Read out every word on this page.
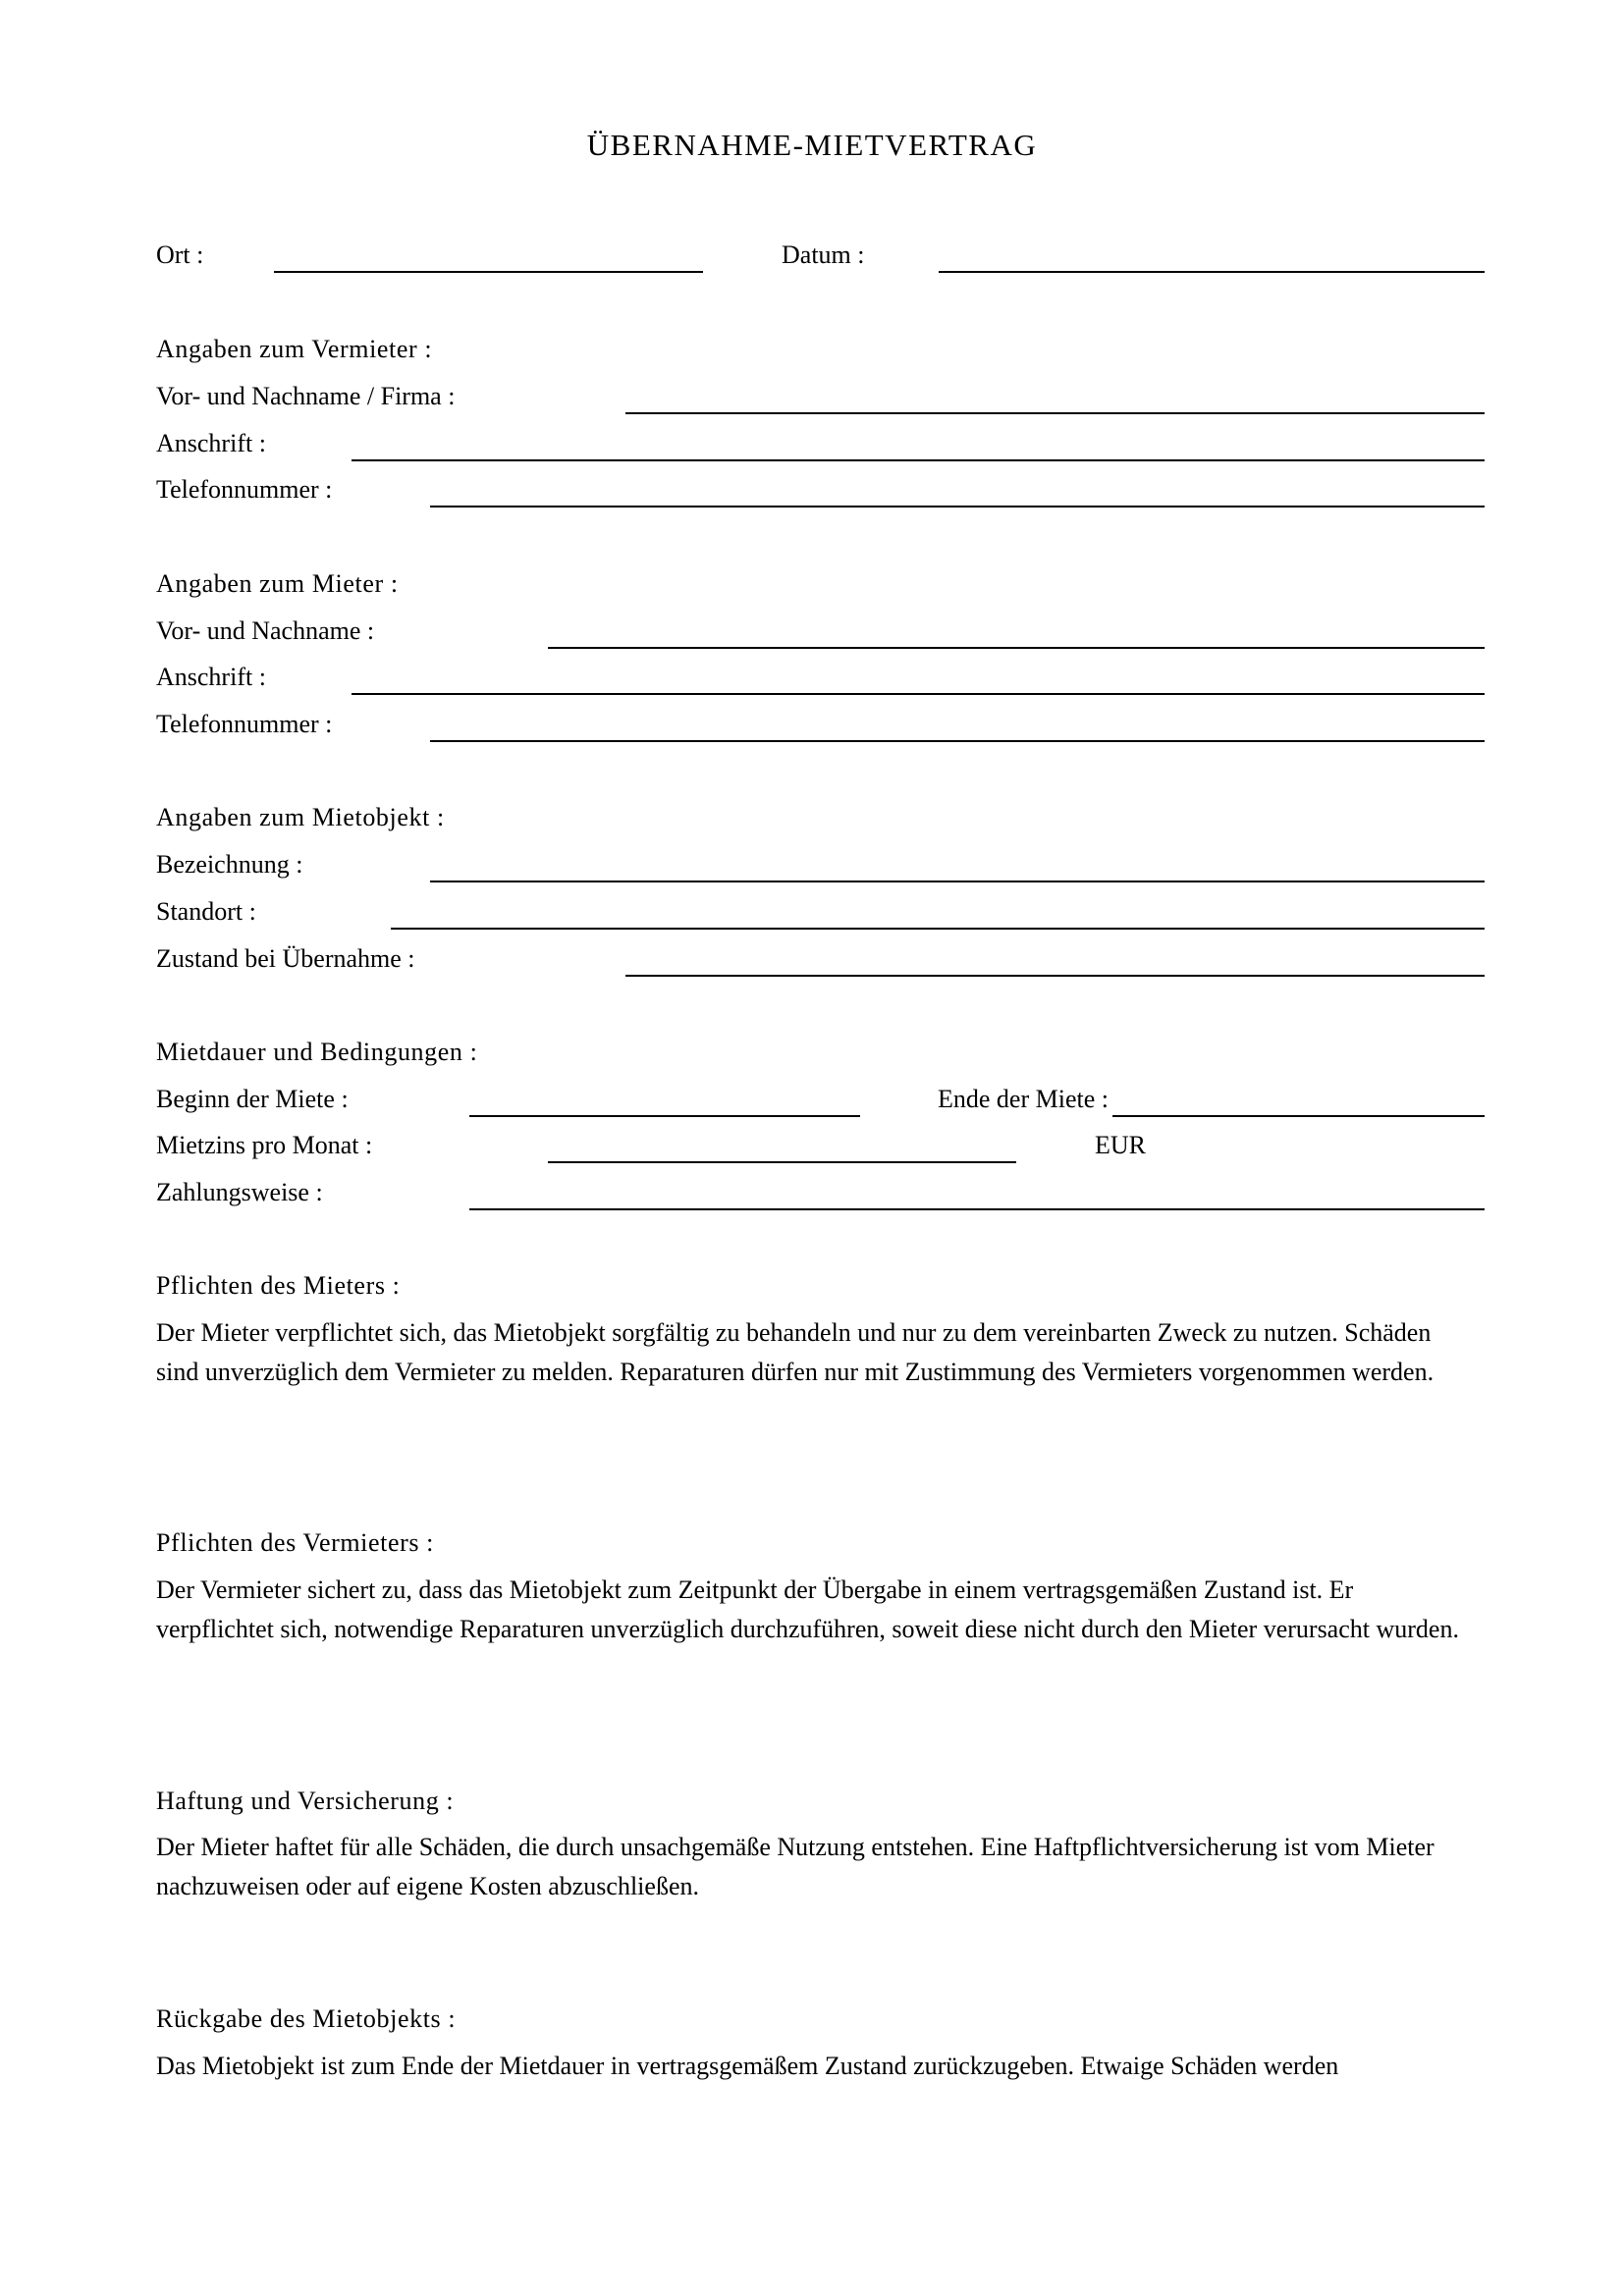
ÜBERNAHME-MIETVERTRAG
Ort :	Datum :
Angaben zum Vermieter :
Vor- und Nachname / Firma :
Anschrift :
Telefonnummer :
Angaben zum Mieter :
Vor- und Nachname :
Anschrift :
Telefonnummer :
Angaben zum Mietobjekt :
Bezeichnung :
Standort :
Zustand bei Übernahme :
Mietdauer und Bedingungen :
Beginn der Miete :	Ende der Miete :
Mietzins pro Monat :	EUR
Zahlungsweise :
Pflichten des Mieters :
Der Mieter verpflichtet sich, das Mietobjekt sorgfältig zu behandeln und nur zu dem vereinbarten Zweck zu nutzen. Schäden sind unverzüglich dem Vermieter zu melden. Reparaturen dürfen nur mit Zustimmung des Vermieters vorgenommen werden.
Pflichten des Vermieters :
Der Vermieter sichert zu, dass das Mietobjekt zum Zeitpunkt der Übergabe in einem vertragsgemäßen Zustand ist. Er verpflichtet sich, notwendige Reparaturen unverzüglich durchzuführen, soweit diese nicht durch den Mieter verursacht wurden.
Haftung und Versicherung :
Der Mieter haftet für alle Schäden, die durch unsachgemäße Nutzung entstehen. Eine Haftpflichtversicherung ist vom Mieter nachzuweisen oder auf eigene Kosten abzuschließen.
Rückgabe des Mietobjekts :
Das Mietobjekt ist zum Ende der Mietdauer in vertragsgemäßem Zustand zurückzugeben. Etwaige Schäden werden
